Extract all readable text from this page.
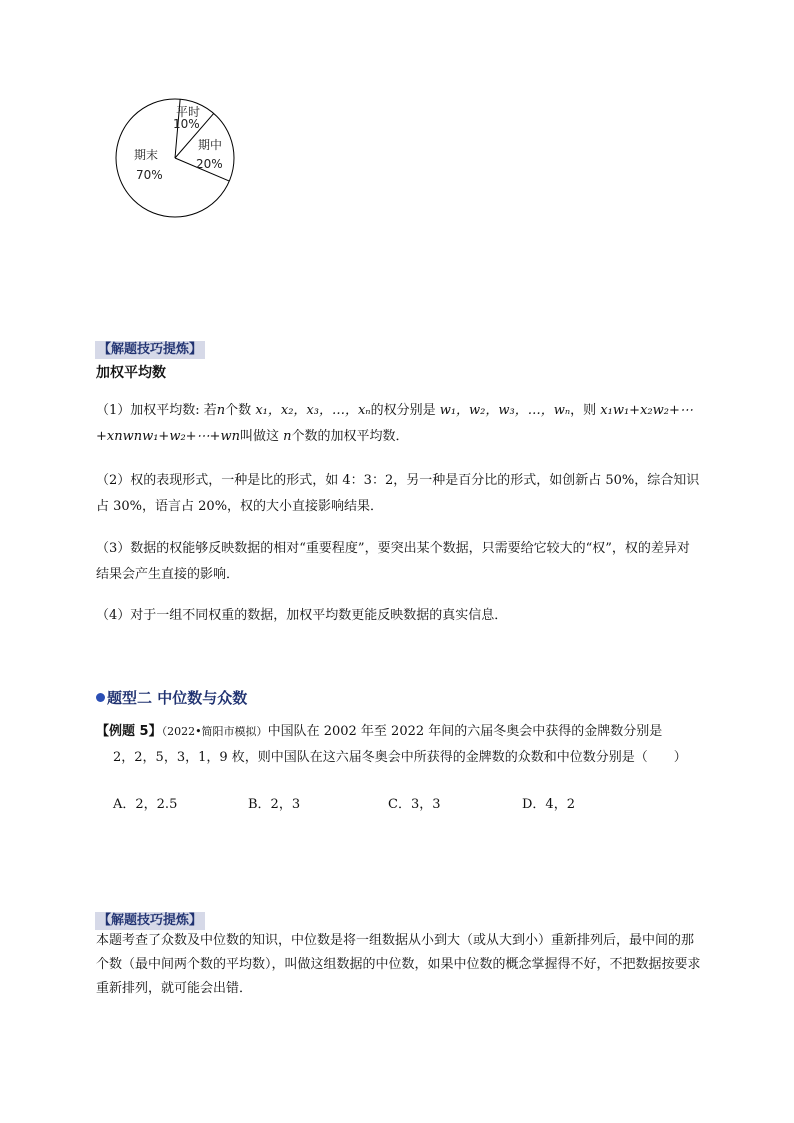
平时
10%
期中
20%
期末
70%
【解题技巧提炼】
加权平均数
（1）加权平均数: 若n个数 x₁，x₂，x₃，…，xₙ的权分别是 w₁，w₂，w₃，…，wₙ，则 x₁w₁+x₂w₂+⋯
+xnwnw₁+w₂+⋯+wn叫做这 n个数的加权平均数．
（2）权的表现形式，一种是比的形式，如 4：3：2，另一种是百分比的形式，如创新占 50%，综合知识占 30%，语言占 20%，权的大小直接影响结果．
（3）数据的权能够反映数据的相对“重要程度”，要突出某个数据，只需要给它较大的“权”，权的差异对结果会产生直接的影响．
（4）对于一组不同权重的数据，加权平均数更能反映数据的真实信息．
题型二 中位数与众数
【例题 5】（2022•简阳市模拟）中国队在 2002 年至 2022 年间的六届冬奥会中获得的金牌数分别是
2，2，5，3，1，9 枚，则中国队在这六届冬奥会中所获得的金牌数的众数和中位数分别是（　　）
A．2，2.5	B．2，3	C．3，3	D．4，2
【解题技巧提炼】
本题考查了众数及中位数的知识，中位数是将一组数据从小到大（或从大到小）重新排列后，最中间的那个数（最中间两个数的平均数），叫做这组数据的中位数，如果中位数的概念掌握得不好，不把数据按要求重新排列，就可能会出错．
